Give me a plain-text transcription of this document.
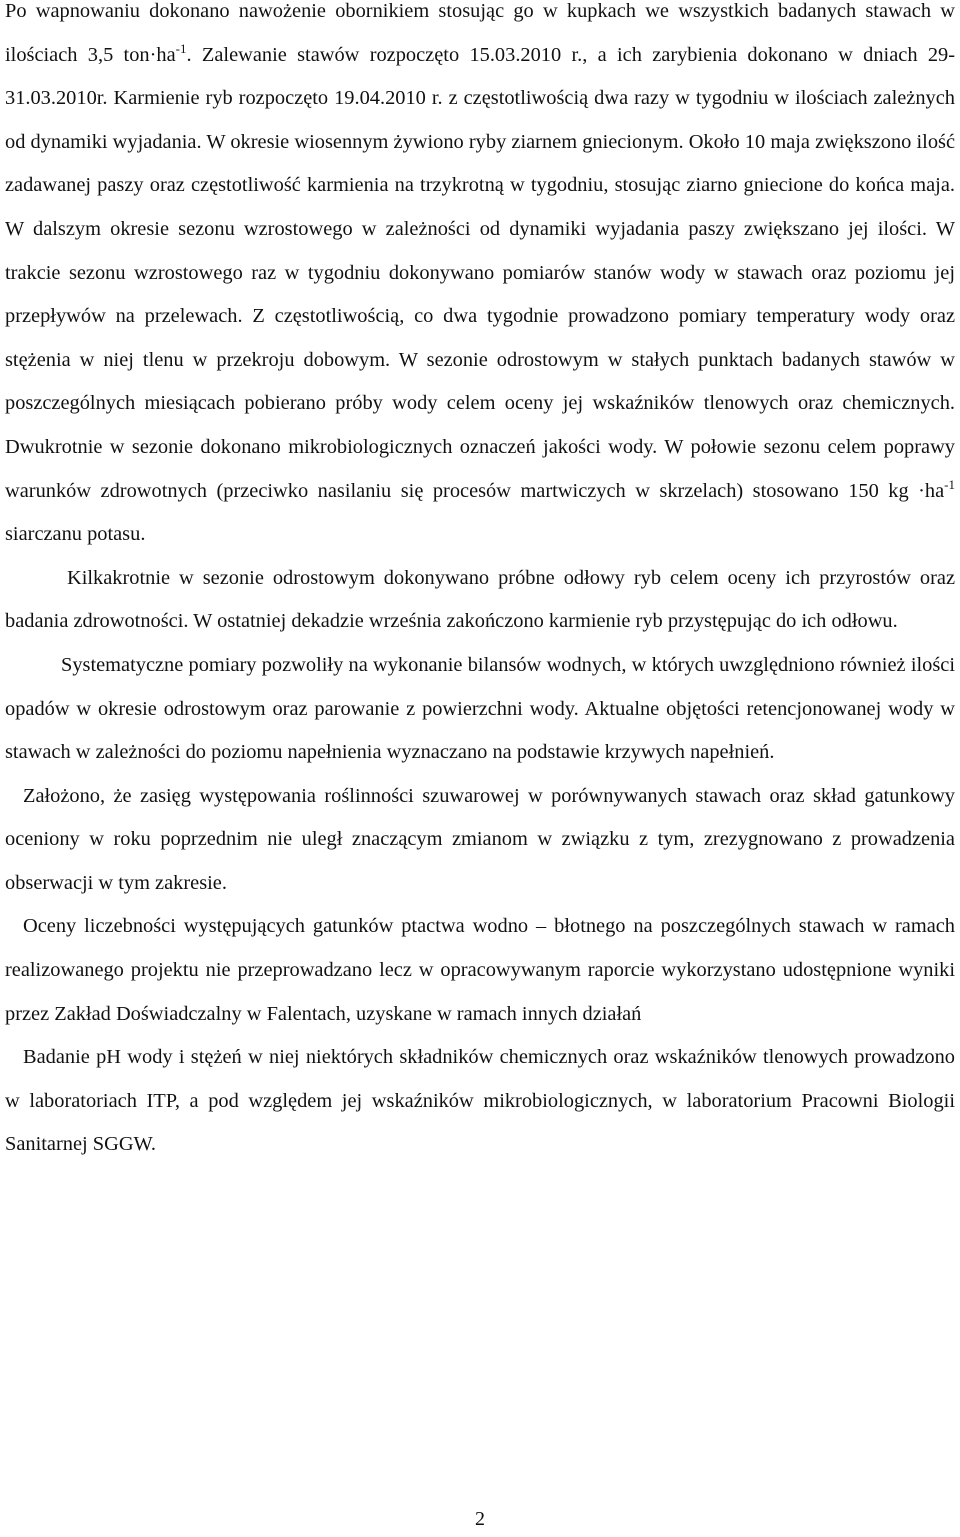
Po wapnowaniu dokonano nawożenie obornikiem stosując go w kupkach we wszystkich badanych stawach w ilościach 3,5 $ton\cdot ha^{-1}$. Zalewanie stawów rozpoczęto 15.03.2010 r., a ich zarybienia dokonano w dniach 29-31.03.2010r. Karmienie ryb rozpoczęto 19.04.2010 r. z częstotliwością dwa razy w tygodniu w ilościach zależnych od dynamiki wyjadania. W okresie wiosennym żywiono ryby ziarnem gniecionym. Około 10 maja zwiększono ilość zadawanej paszy oraz częstotliwość karmienia na trzykrotną w tygodniu, stosując ziarno gniecione do końca maja. W dalszym okresie sezonu wzrostowego w zależności od dynamiki wyjadania paszy zwiększano jej ilości. W trakcie sezonu wzrostowego raz w tygodniu dokonywano pomiarów stanów wody w stawach oraz poziomu jej przepływów na przelewach. Z częstotliwością, co dwa tygodnie prowadzono pomiary temperatury wody oraz stężenia w niej tlenu w przekroju dobowym. W sezonie odrostowym w stałych punktach badanych stawów w poszczególnych miesiącach pobierano próby wody celem oceny jej wskaźników tlenowych oraz chemicznych. Dwukrotnie w sezonie dokonano mikrobiologicznych oznaczeń jakości wody. W połowie sezonu celem poprawy warunków zdrowotnych (przeciwko nasilaniu się procesów martwiczych w skrzelach) stosowano 150 kg $\cdot ha^{-1}$ siarczanu potasu.

Kilkakrotnie w sezonie odrostowym dokonywano próbne odłowy ryb celem oceny ich przyrostów oraz badania zdrowotności. W ostatniej dekadzie września zakończono karmienie ryb przystępując do ich odłowu.

Systematyczne pomiary pozwoliły na wykonanie bilansów wodnych, w których uwzględniono również ilości opadów w okresie odrostowym oraz parowanie z powierzchni wody. Aktualne objętości retencjonowanej wody w stawach w zależności do poziomu napełnienia wyznaczano na podstawie krzywych napełnień.

Założono, że zasięg występowania roślinności szuwarowej w porównywanych stawach oraz skład gatunkowy oceniony w roku poprzednim nie uległ znaczącym zmianom w związku z tym, zrezygnowano z prowadzenia obserwacji w tym zakresie.

Oceny liczebności występujących gatunków ptactwa wodno – błotnego na poszczególnych stawach w ramach realizowanego projektu nie przeprowadzano lecz w opracowywanym raporcie wykorzystano udostępnione wyniki przez Zakład Doświadczalny w Falentach, uzyskane w ramach innych działań

Badanie pH wody i stężeń w niej niektórych składników chemicznych oraz wskaźników tlenowych prowadzono w laboratoriach ITP, a pod względem jej wskaźników mikrobiologicznych, w laboratorium Pracowni Biologii Sanitarnej SGGW.

2
